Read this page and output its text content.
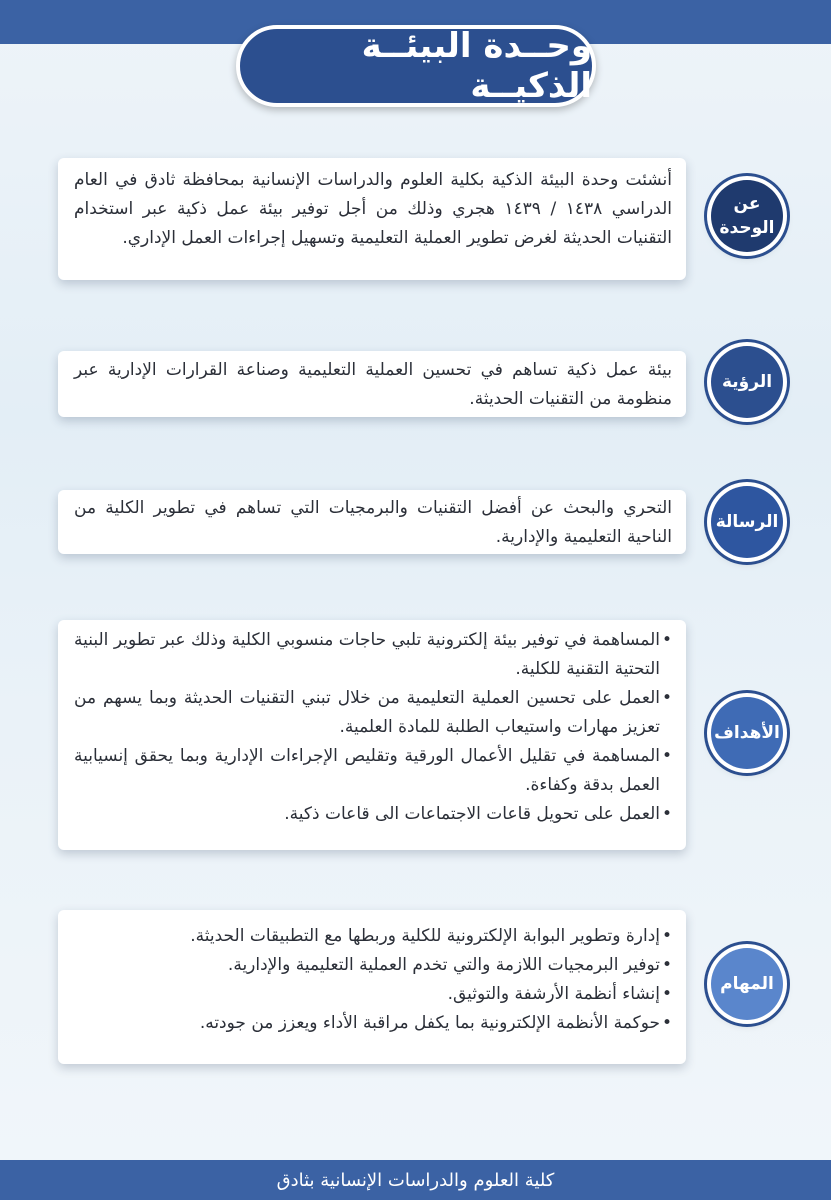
وحــدة البيئــة الذكيــة

أنشئت وحدة البيئة الذكية بكلية العلوم والدراسات الإنسانية بمحافظة ثادق في العام الدراسي ١٤٣٨ / ١٤٣٩ هجري وذلك من أجل توفير بيئة عمل ذكية عبر استخدام التقنيات الحديثة لغرض تطوير العملية التعليمية وتسهيل إجراءات العمل الإداري.

عن الوحدة

بيئة عمل ذكية تساهم في تحسين العملية التعليمية وصناعة القرارات الإدارية عبر منظومة من التقنيات الحديثة.

الرؤية

التحري والبحث عن أفضل التقنيات والبرمجيات التي تساهم في تطوير الكلية من الناحية التعليمية والإدارية.

الرسالة
• المساهمة في توفير بيئة إلكترونية تلبي حاجات منسوبي الكلية وذلك عبر تطوير البنية التحتية التقنية للكلية.
• العمل على تحسين العملية التعليمية من خلال تبني التقنيات الحديثة وبما يسهم من تعزيز مهارات واستيعاب الطلبة للمادة العلمية.
• المساهمة في تقليل الأعمال الورقية وتقليص الإجراءات الإدارية وبما يحقق إنسيابية العمل بدقة وكفاءة.
• العمل على تحويل قاعات الاجتماعات الى قاعات ذكية.
الأهداف
• إدارة وتطوير البوابة الإلكترونية للكلية وربطها مع التطبيقات الحديثة.
• توفير البرمجيات اللازمة والتي تخدم العملية التعليمية والإدارية.
• إنشاء أنظمة الأرشفة والتوثيق.
• حوكمة الأنظمة الإلكترونية بما يكفل مراقبة الأداء ويعزز من جودته.
المهام
كلية العلوم والدراسات الإنسانية بثادق
